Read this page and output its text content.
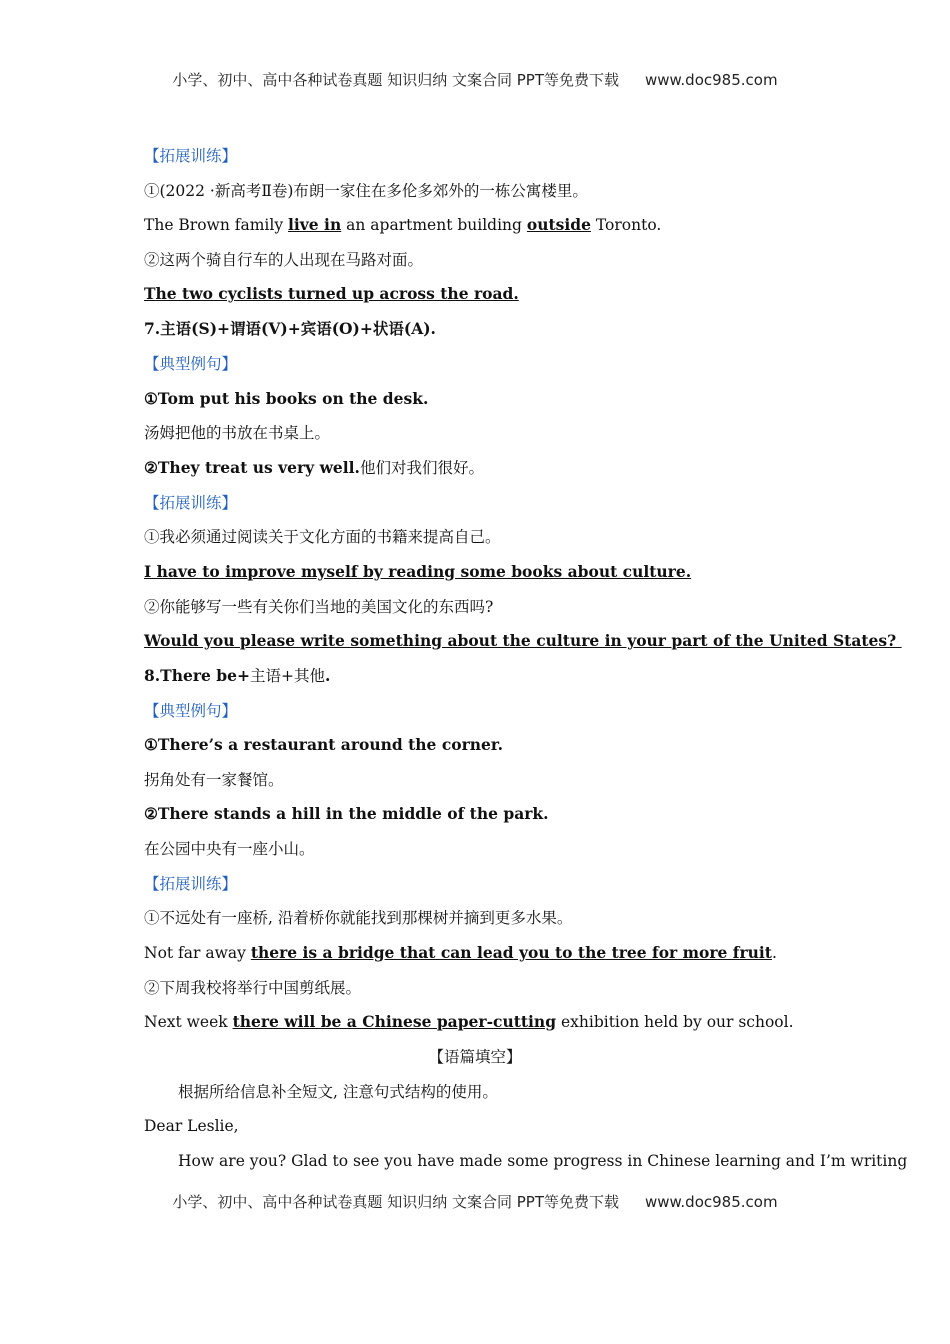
小学、初中、高中各种试卷真题 知识归纳 文案合同 PPT等免费下载 www.doc985.com
【拓展训练】
①(2022 ·新高考Ⅱ卷)布朗一家住在多伦多郊外的一栋公寓楼里。
The Brown family live in an apartment building outside Toronto.
②这两个骑自行车的人出现在马路对面。
The two cyclists turned up across the road.
7.主语(S)+谓语(V)+宾语(O)+状语(A).
【典型例句】
①Tom put his books on the desk.
汤姆把他的书放在书桌上。
②They treat us very well.他们对我们很好。
【拓展训练】
①我必须通过阅读关于文化方面的书籍来提高自己。
I have to improve myself by reading some books about culture.
②你能够写一些有关你们当地的美国文化的东西吗?
Would you please write something about the culture in your part of the United States?
8.There be+主语+其他.
【典型例句】
①There’s a restaurant around the corner.
拐角处有一家餐馆。
②There stands a hill in the middle of the park.
在公园中央有一座小山。
【拓展训练】
①不远处有一座桥, 沿着桥你就能找到那棵树并摘到更多水果。
Not far away there is a bridge that can lead you to the tree for more fruit.
②下周我校将举行中国剪纸展。
Next week there will be a Chinese paper-cutting exhibition held by our school.
【语篇填空】
根据所给信息补全短文, 注意句式结构的使用。
Dear Leslie,
How are you? Glad to see you have made some progress in Chinese learning and I’m writing
小学、初中、高中各种试卷真题 知识归纳 文案合同 PPT等免费下载 www.doc985.com
